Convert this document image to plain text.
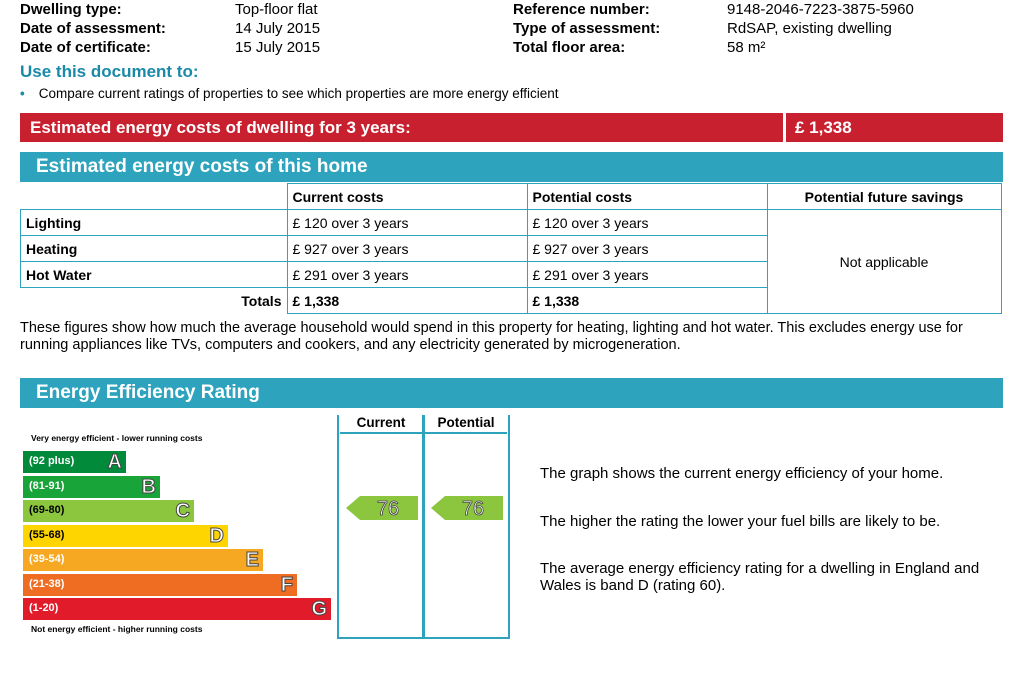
Dwelling type:	Top-floor flat
Date of assessment:	14 July 2015
Date of certificate:	15 July 2015
Reference number:	9148-2046-7223-3875-5960
Type of assessment:	RdSAP, existing dwelling
Total floor area:	58 m²
Use this document to:
• Compare current ratings of properties to see which properties are more energy efficient
Estimated energy costs of dwelling for 3 years:	£ 1,338
Estimated energy costs of this home
	Current costs	Potential costs	Potential future savings
Lighting	£ 120 over 3 years	£ 120 over 3 years	Not applicable
Heating	£ 927 over 3 years	£ 927 over 3 years	
Hot Water	£ 291 over 3 years	£ 291 over 3 years	
Totals	£ 1,338	£ 1,338	
These figures show how much the average household would spend in this property for heating, lighting and hot water. This excludes energy use for running appliances like TVs, computers and cookers, and any electricity generated by microgeneration.
Energy Efficiency Rating
Very energy efficient - lower running costs
(92 plus) A
(81-91)	B
(69-80)	C
(55-68)	D
(39-54)	E
(21-38)	F
(1-20)	G
Not energy efficient - higher running costs
Current	Potential
76	76
The graph shows the current energy efficiency of your home.
The higher the rating the lower your fuel bills are likely to be.
The average energy efficiency rating for a dwelling in England and Wales is band D (rating 60).
